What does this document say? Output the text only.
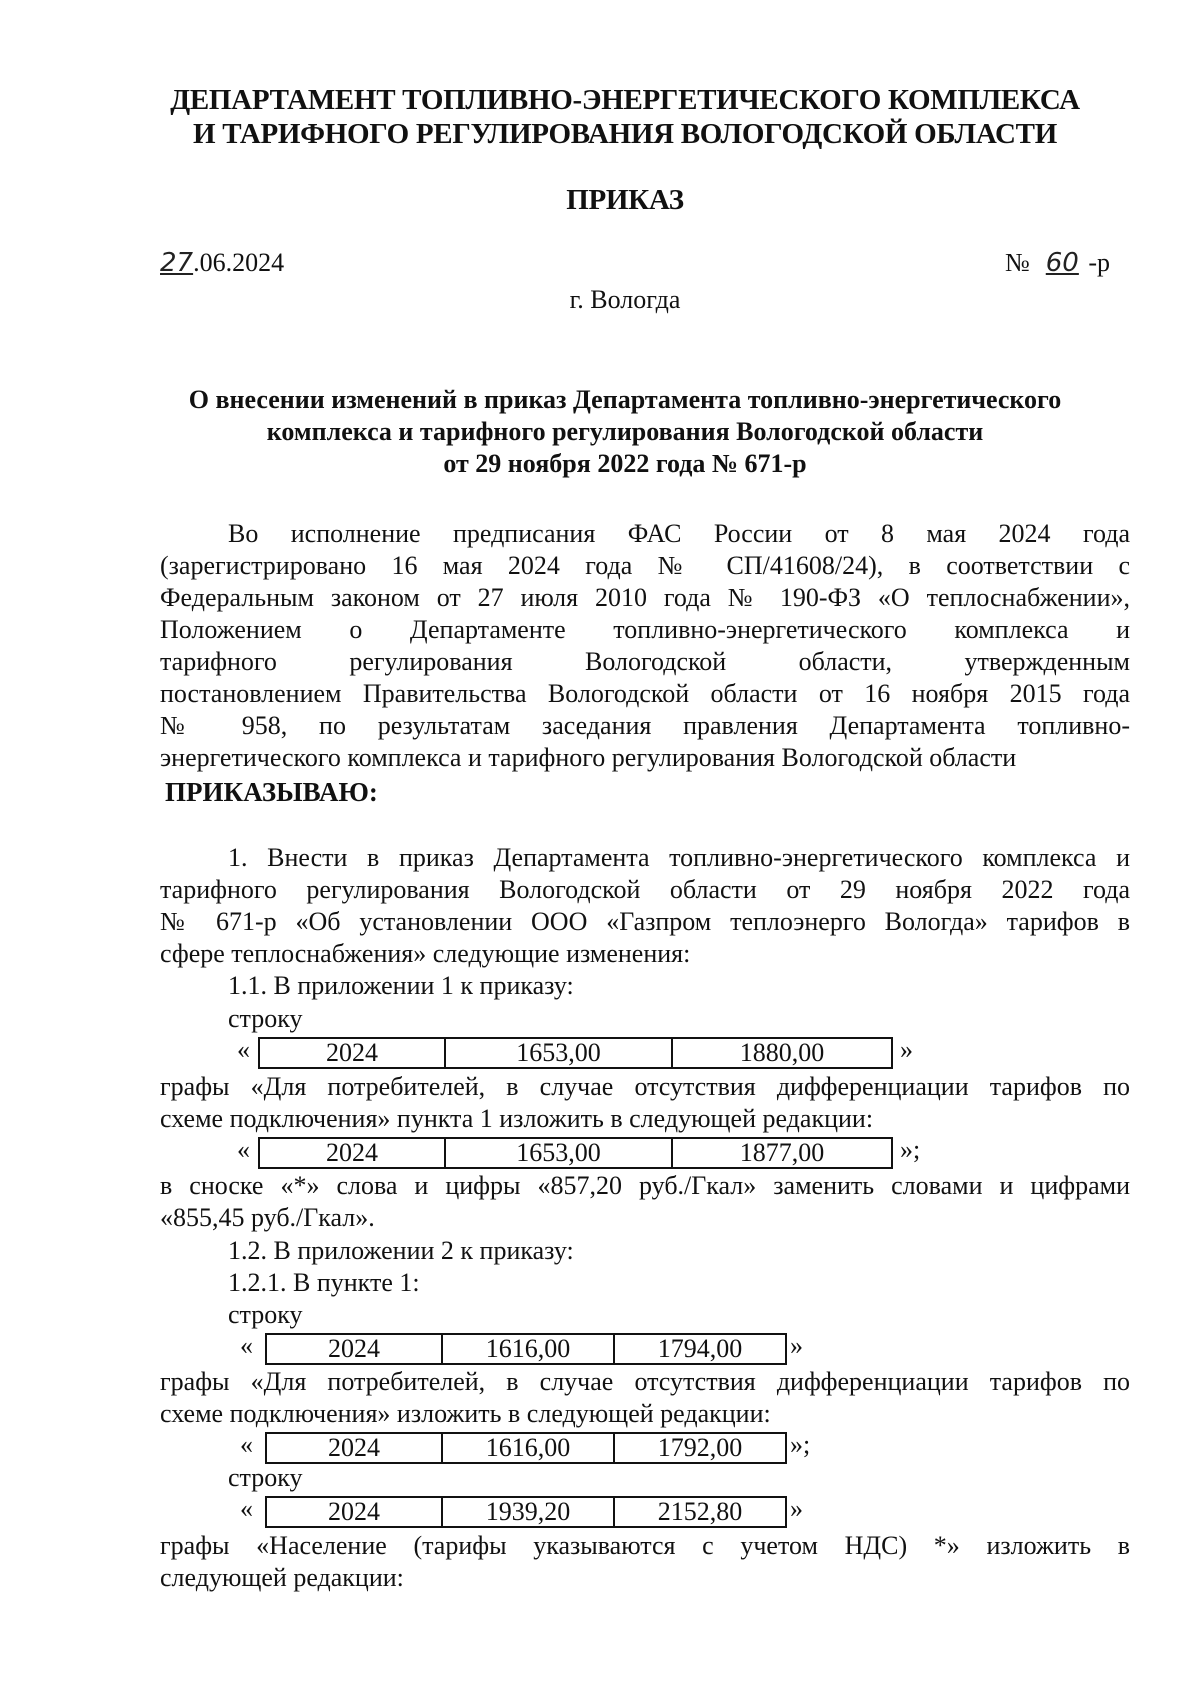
ДЕПАРТАМЕНТ ТОПЛИВНО-ЭНЕРГЕТИЧЕСКОГО КОМПЛЕКСА
И ТАРИФНОГО РЕГУЛИРОВАНИЯ ВОЛОГОДСКОЙ ОБЛАСТИ
ПРИКАЗ
27.06.2024	№ 60 -р
г. Вологда
О внесении изменений в приказ Департамента топливно-энергетического
комплекса и тарифного регулирования Вологодской области
от 29 ноября 2022 года № 671-р
Во исполнение предписания ФАС России от 8 мая 2024 года
(зарегистрировано 16 мая 2024 года № СП/41608/24), в соответствии с
Федеральным законом от 27 июля 2010 года № 190-ФЗ «О теплоснабжении»,
Положением о Департаменте топливно-энергетического комплекса и
тарифного регулирования Вологодской области, утвержденным
постановлением Правительства Вологодской области от 16 ноября 2015 года
№ 958, по результатам заседания правления Департамента топливно-
энергетического комплекса и тарифного регулирования Вологодской области
ПРИКАЗЫВАЮ:
1. Внести в приказ Департамента топливно-энергетического комплекса и
тарифного регулирования Вологодской области от 29 ноября 2022 года
№ 671-р «Об установлении ООО «Газпром теплоэнерго Вологда» тарифов в
сфере теплоснабжения» следующие изменения:
1.1. В приложении 1 к приказу:
строку
«	2024	1653,00	1880,00	»
графы «Для потребителей, в случае отсутствия дифференциации тарифов по
схеме подключения» пункта 1 изложить в следующей редакции:
«	2024	1653,00	1877,00	»;
в сноске «*» слова и цифры «857,20 руб./Гкал» заменить словами и цифрами
«855,45 руб./Гкал».
1.2. В приложении 2 к приказу:
1.2.1. В пункте 1:
строку
«	2024	1616,00	1794,00 »
графы «Для потребителей, в случае отсутствия дифференциации тарифов по
схеме подключения» изложить в следующей редакции:
«	2024	1616,00	1792,00 »;
строку
«	2024	1939,20	2152,80 »
графы «Население (тарифы указываются с учетом НДС) *» изложить в
следующей редакции:
